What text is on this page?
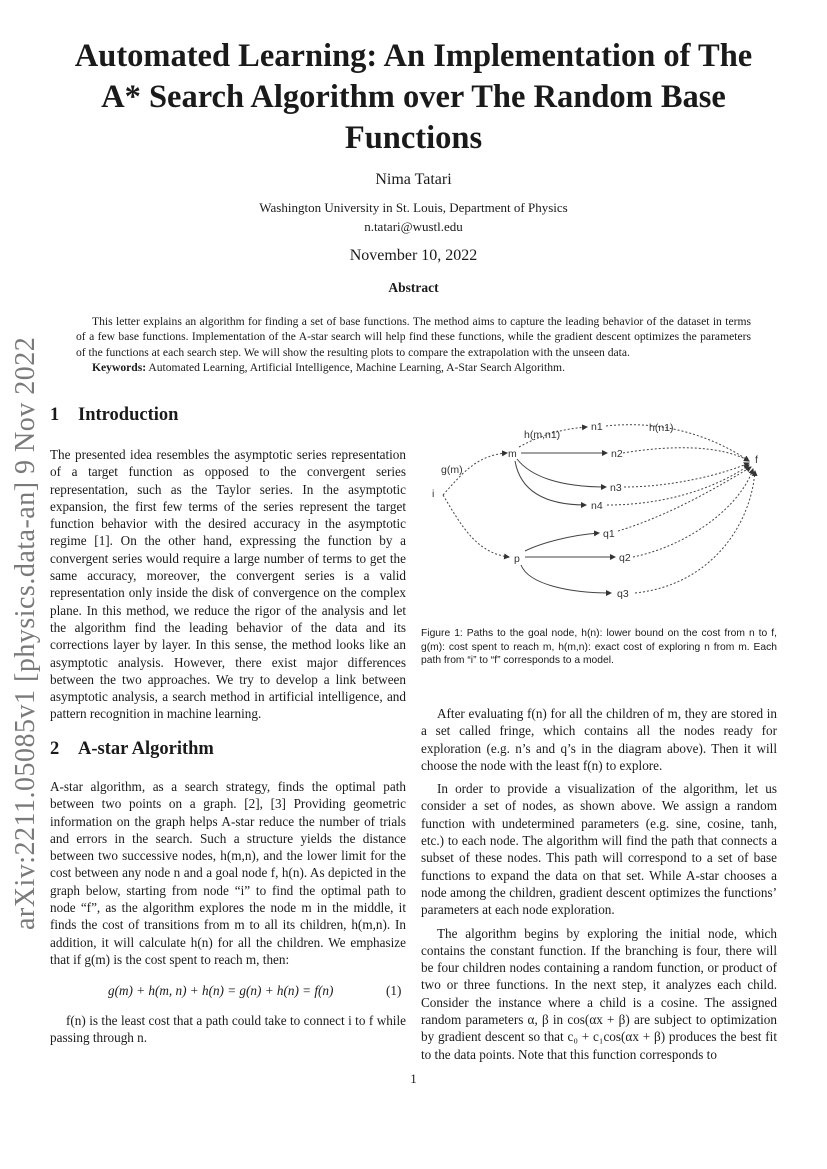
arXiv:2211.05085v1 [physics.data-an] 9 Nov 2022
Automated Learning: An Implementation of The
A* Search Algorithm over The Random Base
Functions
Nima Tatari
Washington University in St. Louis, Department of Physics
n.tatari@wustl.edu
November 10, 2022
Abstract

This letter explains an algorithm for finding a set of base functions. The method aims to capture the leading behavior of the dataset in terms of a few base functions. Implementation of the A-star search will help find these functions, while the gradient descent optimizes the parameters of the functions at each search step. We will show the resulting plots to compare the extrapolation with the unseen data.

Keywords: Automated Learning, Artificial Intelligence, Machine Learning, A-Star Search Algorithm.

1 Introduction

The presented idea resembles the asymptotic series representation of a target function as opposed to the convergent series representation, such as the Taylor series. In the asymptotic expansion, the first few terms of the series represent the target function behavior with the desired accuracy in the asymptotic regime [1]. On the other hand, expressing the function by a convergent series would require a large number of terms to get the same accuracy, moreover, the convergent series is a valid representation only inside the disk of convergence on the complex plane. In this method, we reduce the rigor of the analysis and let the algorithm find the leading behavior of the data and its corrections layer by layer. In this sense, the method looks like an asymptotic analysis. However, there exist major differences between the two approaches. We try to develop a link between asymptotic analysis, a search method in artificial intelligence, and pattern recognition in machine learning.

2 A-star Algorithm

A-star algorithm, as a search strategy, finds the optimal path between two points on a graph. [2], [3] Providing geometric information on the graph helps A-star reduce the number of trials and errors in the search. Such a structure yields the distance between two successive nodes, h(m,n), and the lower limit for the cost between any node n and a goal node f, h(n). As depicted in the graph below, starting from node “i” to find the optimal path to node “f”, as the algorithm explores the node m in the middle, it finds the cost of transitions from m to all its children, h(m,n). In addition, it will calculate h(n) for all the children. We emphasize that if g(m) is the cost spent to reach m, then:

g(m) + h(m, n) + h(n) = g(n) + h(n) = f(n)	(1)

f(n) is the least cost that a path could take to connect i to f while passing through n.

i
g(m)
m
p
h(m,n1)
h(n1)
n1
n2
n3
n4
q1
q2
q3
f
Figure 1: Paths to the goal node, h(n): lower bound on the cost from n to f, g(m): cost spent to reach m, h(m,n): exact cost of exploring n from m. Each path from “i” to “f” corresponds to a model.

After evaluating f(n) for all the children of m, they are stored in a set called fringe, which contains all the nodes ready for exploration (e.g. n’s and q’s in the diagram above). Then it will choose the node with the least f(n) to explore.

In order to provide a visualization of the algorithm, let us consider a set of nodes, as shown above. We assign a random function with undetermined parameters (e.g. sine, cosine, tanh, etc.) to each node. The algorithm will find the path that connects a subset of these nodes. This path will correspond to a set of base functions to expand the data on that set. While A-star chooses a node among the children, gradient descent optimizes the functions’ parameters at each node exploration.

The algorithm begins by exploring the initial node, which contains the constant function. If the branching is four, there will be four children nodes containing a random function, or product of two or three functions. In the next step, it analyzes each child. Consider the instance where a child is a cosine. The assigned random parameters α, β in cos(αx + β) are subject to optimization by gradient descent so that c₀ + c₁cos(αx + β) produces the best fit to the data points. Note that this function corresponds to

1
